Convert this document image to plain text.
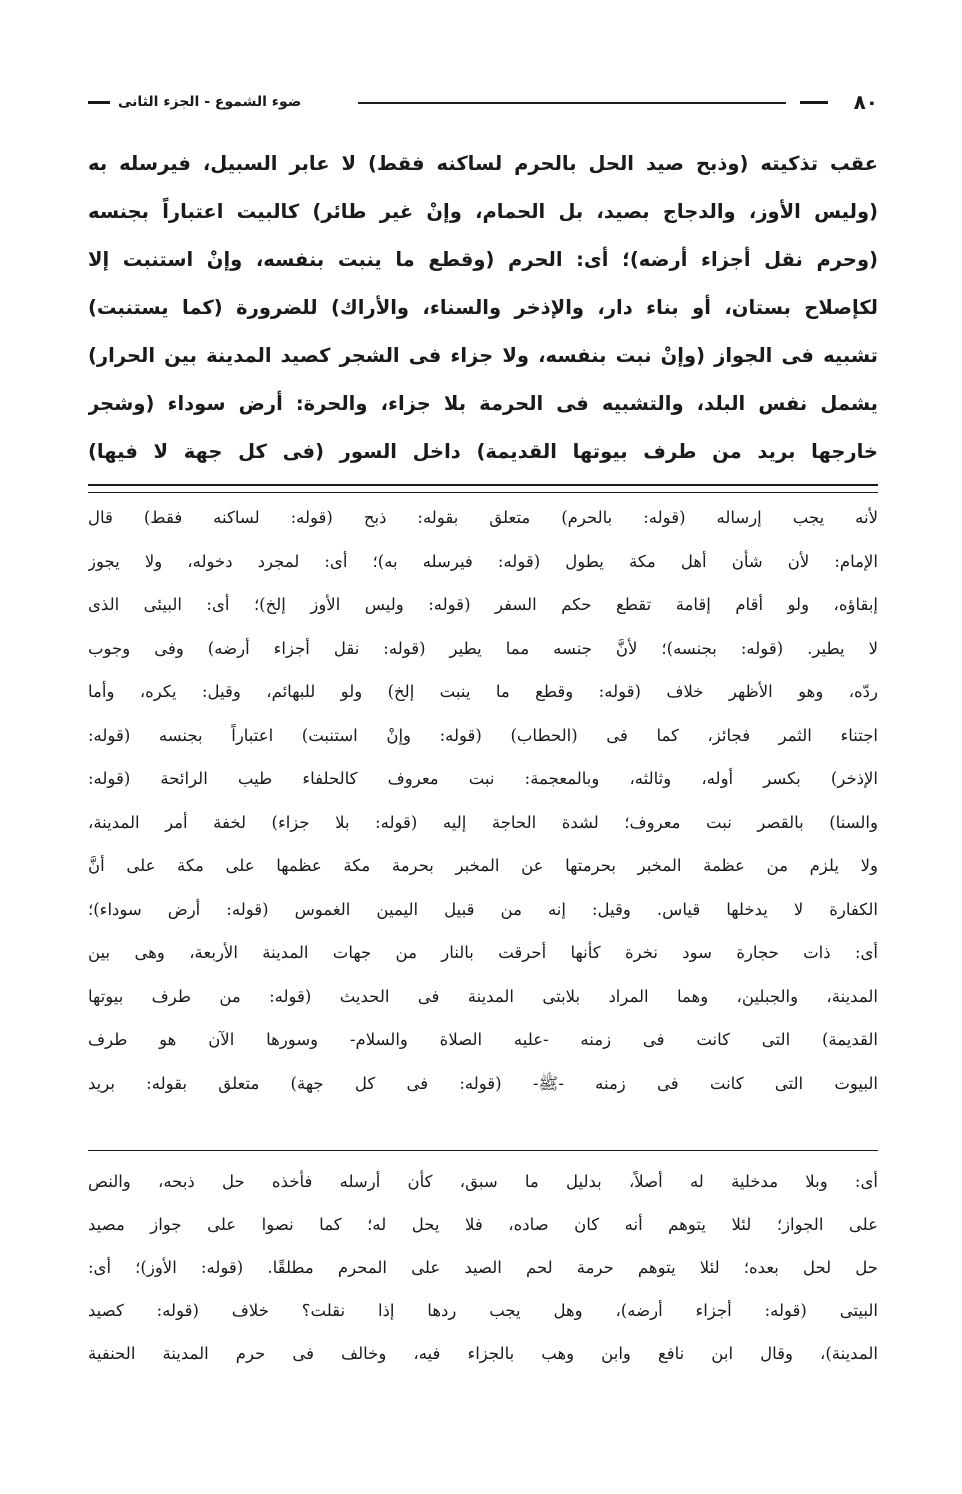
٨٠
ضوء الشموع - الجزء الثانى
عقب تذكيته (وذبح صيد الحل بالحرم لساكنه فقط) لا عابر السبيل، فيرسله به
(وليس الأوز، والدجاج بصيد، بل الحمام، وإنْ غير طائر) كالبيت اعتباراً بجنسه
(وحرم نقل أجزاء أرضه)؛ أى: الحرم (وقطع ما ينبت بنفسه، وإنْ استنبت إلا
لكإصلاح بستان، أو بناء دار، والإذخر والسناء، والأراك) للضرورة (كما يستنبت)
تشبيه فى الجواز (وإنْ نبت بنفسه، ولا جزاء فى الشجر كصيد المدينة بين الحرار)
يشمل نفس البلد، والتشبيه فى الحرمة بلا جزاء، والحرة: أرض سوداء (وشجر
خارجها بريد من طرف بيوتها القديمة) داخل السور (فى كل جهة لا فيها)
لأنه يجب إرساله (قوله: بالحرم) متعلق بقوله: ذبح (قوله: لساكنه فقط) قال
الإمام: لأن شأن أهل مكة يطول (قوله: فيرسله به)؛ أى: لمجرد دخوله، ولا يجوز
إبقاؤه، ولو أقام إقامة تقطع حكم السفر (قوله: وليس الأوز إلخ)؛ أى: البيئى الذى
لا يطير. (قوله: بجنسه)؛ لأنَّ جنسه مما يطير (قوله: نقل أجزاء أرضه) وفى وجوب
ردّه، وهو الأظهر خلاف (قوله: وقطع ما ينبت إلخ) ولو للبهائم، وقيل: يكره، وأما
اجتناء الثمر فجائز، كما فى (الحطاب) (قوله: وإنْ استنبت) اعتباراً بجنسه (قوله:
الإذخر) بكسر أوله، وثالثه، وبالمعجمة: نبت معروف كالحلفاء طيب الرائحة (قوله:
والسنا) بالقصر نبت معروف؛ لشدة الحاجة إليه (قوله: بلا جزاء) لخفة أمر المدينة،
ولا يلزم من عظمة المخبر بحرمتها عن المخبر بحرمة مكة عظمها على مكة على أنَّ
الكفارة لا يدخلها قياس. وقيل: إنه من قبيل اليمين الغموس (قوله: أرض سوداء)؛
أى: ذات حجارة سود نخرة كأنها أحرقت بالنار من جهات المدينة الأربعة، وهى بين
المدينة، والجبلين، وهما المراد بلابتى المدينة فى الحديث (قوله: من طرف بيوتها
القديمة) التى كانت فى زمنه -عليه الصلاة والسلام- وسورها الآن هو طرف
البيوت التى كانت فى زمنه -ﷺ- (قوله: فى كل جهة) متعلق بقوله: بريد
أى: وبلا مدخلية له أصلاً، بدليل ما سبق، كأن أرسله فأخذه حل ذبحه، والنص
على الجواز؛ لئلا يتوهم أنه كان صاده، فلا يحل له؛ كما نصوا على جواز مصيد
حل لحل بعده؛ لئلا يتوهم حرمة لحم الصيد على المحرم مطلقًا. (قوله: الأوز)؛ أى:
البيتى (قوله: أجزاء أرضه)، وهل يجب ردها إذا نقلت؟ خلاف (قوله: كصيد
المدينة)، وقال ابن نافع وابن وهب بالجزاء فيه، وخالف فى حرم المدينة الحنفية
